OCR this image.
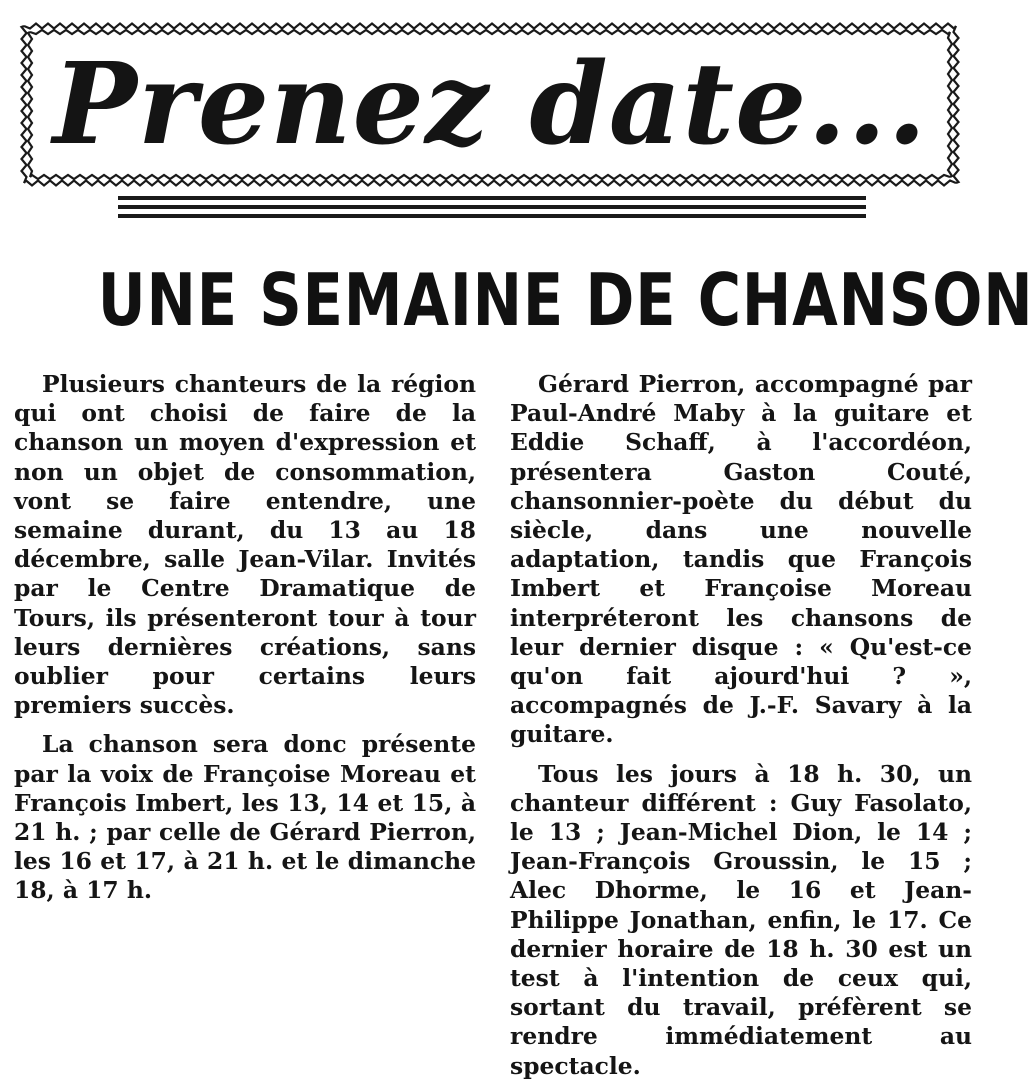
Prenez date...
UNE SEMAINE DE CHANSON

Plusieurs chanteurs de la région qui ont choisi de faire de la chanson un moyen d'expression et non un objet de consommation, vont se faire entendre, une semaine durant, du 13 au 18 décembre, salle Jean-Vilar. Invités par le Centre Dramatique de Tours, ils présenteront tour à tour leurs dernières créations, sans oublier pour certains leurs premiers succès.

La chanson sera donc présente par la voix de Françoise Moreau et François Imbert, les 13, 14 et 15, à 21 h. ; par celle de Gérard Pierron, les 16 et 17, à 21 h. et le dimanche 18, à 17 h.

Gérard Pierron, accompagné par Paul-André Maby à la guitare et Eddie Schaff, à l'accordéon, présentera Gaston Couté, chansonnier-poète du début du siècle, dans une nouvelle adaptation, tandis que François Imbert et Françoise Moreau interpréteront les chansons de leur dernier disque : « Qu'est-ce qu'on fait ajourd'hui ? », accompagnés de J.-F. Savary à la guitare.

Tous les jours à 18 h. 30, un chanteur différent : Guy Fasolato, le 13 ; Jean-Michel Dion, le 14 ; Jean-François Groussin, le 15 ; Alec Dhorme, le 16 et Jean-Philippe Jonathan, enfin, le 17. Ce dernier horaire de 18 h. 30 est un test à l'intention de ceux qui, sortant du travail, préfèrent se rendre immédiatement au spectacle.
